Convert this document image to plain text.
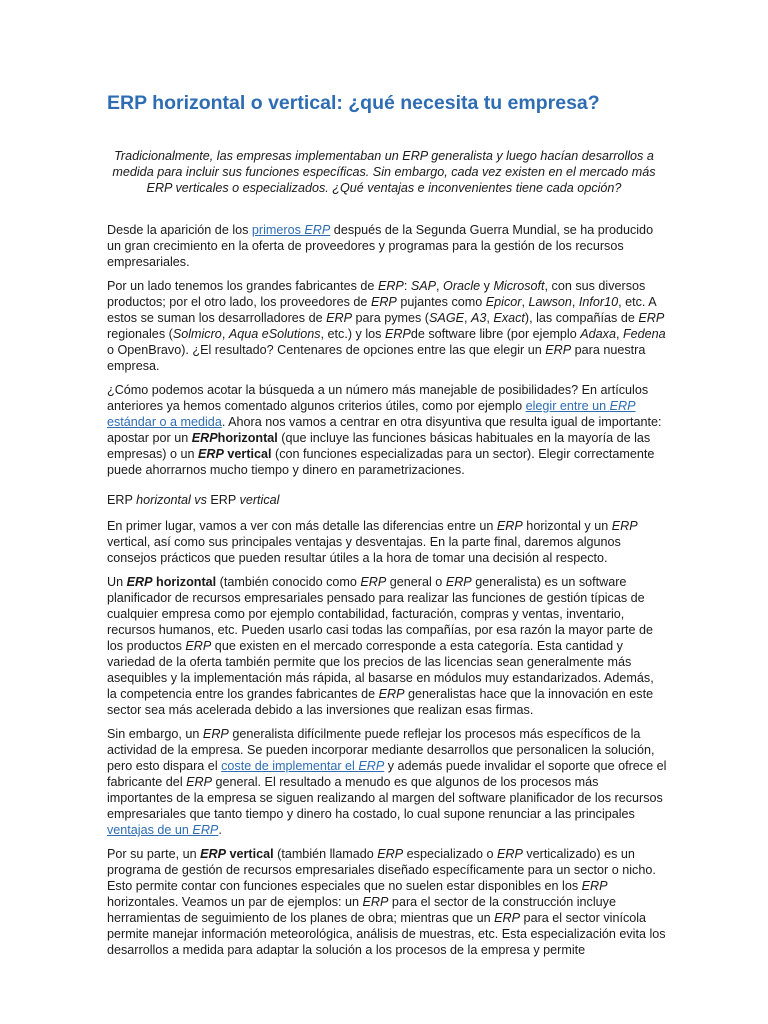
ERP horizontal o vertical: ¿qué necesita tu empresa?

Tradicionalmente, las empresas implementaban un ERP generalista y luego hacían desarrollos a medida para incluir sus funciones específicas. Sin embargo, cada vez existen en el mercado más ERP verticales o especializados. ¿Qué ventajas e inconvenientes tiene cada opción?

Desde la aparición de los primeros ERP después de la Segunda Guerra Mundial, se ha producido un gran crecimiento en la oferta de proveedores y programas para la gestión de los recursos empresariales.

Por un lado tenemos los grandes fabricantes de ERP: SAP, Oracle y Microsoft, con sus diversos productos; por el otro lado, los proveedores de ERP pujantes como Epicor, Lawson, Infor10, etc. A estos se suman los desarrolladores de ERP para pymes (SAGE, A3, Exact), las compañías de ERP regionales (Solmicro, Aqua eSolutions, etc.) y los ERPde software libre (por ejemplo Adaxa, Fedena o OpenBravo). ¿El resultado? Centenares de opciones entre las que elegir un ERP para nuestra empresa.

¿Cómo podemos acotar la búsqueda a un número más manejable de posibilidades? En artículos anteriores ya hemos comentado algunos criterios útiles, como por ejemplo elegir entre un ERP estándar o a medida. Ahora nos vamos a centrar en otra disyuntiva que resulta igual de importante: apostar por un ERPhorizontal (que incluye las funciones básicas habituales en la mayoría de las empresas) o un ERP vertical (con funciones especializadas para un sector). Elegir correctamente puede ahorrarnos mucho tiempo y dinero en parametrizaciones.

ERP horizontal vs ERP vertical

En primer lugar, vamos a ver con más detalle las diferencias entre un ERP horizontal y un ERP vertical, así como sus principales ventajas y desventajas. En la parte final, daremos algunos consejos prácticos que pueden resultar útiles a la hora de tomar una decisión al respecto.

Un ERP horizontal (también conocido como ERP general o ERP generalista) es un software planificador de recursos empresariales pensado para realizar las funciones de gestión típicas de cualquier empresa como por ejemplo contabilidad, facturación, compras y ventas, inventario, recursos humanos, etc. Pueden usarlo casi todas las compañías, por esa razón la mayor parte de los productos ERP que existen en el mercado corresponde a esta categoría. Esta cantidad y variedad de la oferta también permite que los precios de las licencias sean generalmente más asequibles y la implementación más rápida, al basarse en módulos muy estandarizados. Además, la competencia entre los grandes fabricantes de ERP generalistas hace que la innovación en este sector sea más acelerada debido a las inversiones que realizan esas firmas.

Sin embargo, un ERP generalista difícilmente puede reflejar los procesos más específicos de la actividad de la empresa. Se pueden incorporar mediante desarrollos que personalicen la solución, pero esto dispara el coste de implementar el ERP y además puede invalidar el soporte que ofrece el fabricante del ERP general. El resultado a menudo es que algunos de los procesos más importantes de la empresa se siguen realizando al margen del software planificador de los recursos empresariales que tanto tiempo y dinero ha costado, lo cual supone renunciar a las principales ventajas de un ERP.

Por su parte, un ERP vertical (también llamado ERP especializado o ERP verticalizado) es un programa de gestión de recursos empresariales diseñado específicamente para un sector o nicho. Esto permite contar con funciones especiales que no suelen estar disponibles en los ERP horizontales. Veamos un par de ejemplos: un ERP para el sector de la construcción incluye herramientas de seguimiento de los planes de obra; mientras que un ERP para el sector vinícola permite manejar información meteorológica, análisis de muestras, etc. Esta especialización evita los desarrollos a medida para adaptar la solución a los procesos de la empresa y permite
